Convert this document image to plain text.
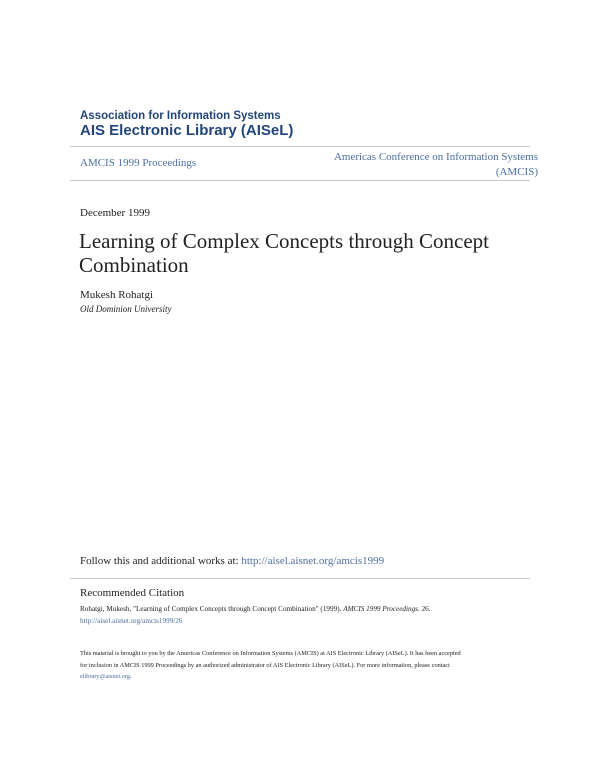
Association for Information Systems
AIS Electronic Library (AISeL)
AMCIS 1999 Proceedings	Americas Conference on Information Systems
(AMCIS)
December 1999
Learning of Complex Concepts through Concept
Combination
Mukesh Rohatgi
Old Dominion University
Follow this and additional works at: http://aisel.aisnet.org/amcis1999
Recommended Citation
Rohatgi, Mukesh, "Learning of Complex Concepts through Concept Combination" (1999). AMCIS 1999 Proceedings. 26.
http://aisel.aisnet.org/amcis1999/26
This material is brought to you by the Americas Conference on Information Systems (AMCIS) at AIS Electronic Library (AISeL). It has been accepted
for inclusion in AMCIS 1999 Proceedings by an authorized administrator of AIS Electronic Library (AISeL). For more information, please contact
elibrary@aisnet.org.
